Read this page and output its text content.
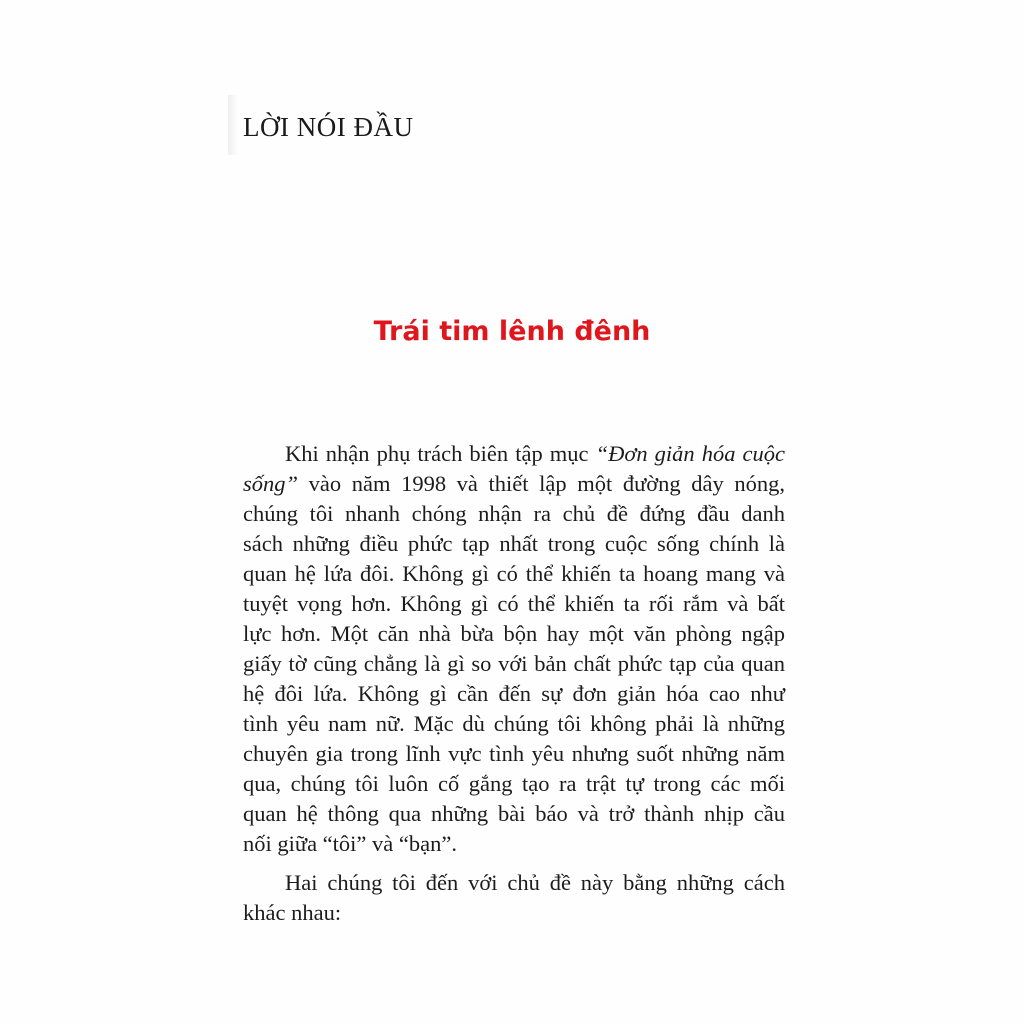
LỜI NÓI ĐẦU
Trái tim lênh đênh
Khi nhận phụ trách biên tập mục “Đơn giản hóa cuộc
sống” vào năm 1998 và thiết lập một đường dây nóng,
chúng tôi nhanh chóng nhận ra chủ đề đứng đầu danh
sách những điều phức tạp nhất trong cuộc sống chính là
quan hệ lứa đôi. Không gì có thể khiến ta hoang mang và
tuyệt vọng hơn. Không gì có thể khiến ta rối rắm và bất
lực hơn. Một căn nhà bừa bộn hay một văn phòng ngập
giấy tờ cũng chẳng là gì so với bản chất phức tạp của quan
hệ đôi lứa. Không gì cần đến sự đơn giản hóa cao như
tình yêu nam nữ. Mặc dù chúng tôi không phải là những
chuyên gia trong lĩnh vực tình yêu nhưng suốt những năm
qua, chúng tôi luôn cố gắng tạo ra trật tự trong các mối
quan hệ thông qua những bài báo và trở thành nhịp cầu
nối giữa “tôi” và “bạn”.
Hai chúng tôi đến với chủ đề này bằng những cách
khác nhau:
